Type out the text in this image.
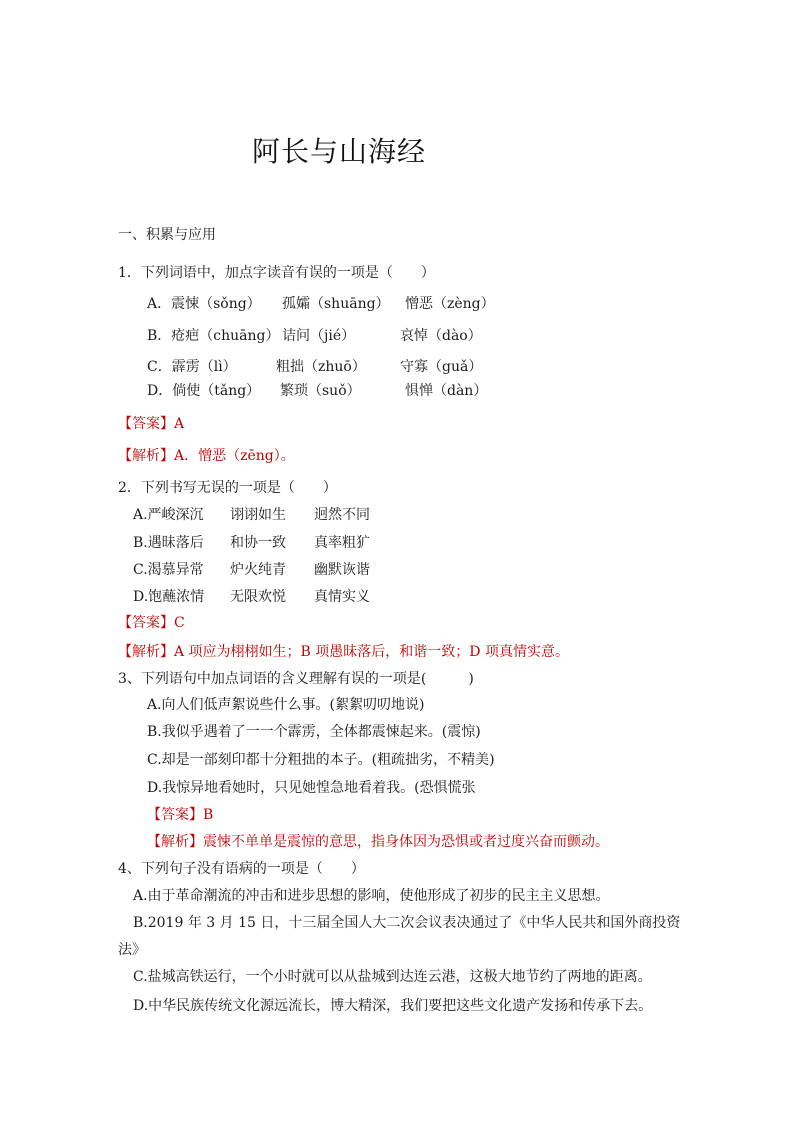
阿长与山海经
一、积累与应用
1．下列词语中，加点字读音有误的一项是（　　）
A．震悚（sǒng） 孤孀（shuāng） 憎恶（zèng）
B．疮疤（chuāng） 诘问（jié）	哀悼（dào）
C．霹雳（lì）	粗拙（zhuō） 守寡（guǎ）
D．倘使（tǎng） 繁琐（suǒ）	惧惮（dàn）
【答案】A
【解析】A．憎恶（zēng）。
2．下列书写无误的一项是（　　）
A.严峻深沉 诩诩如生 迥然不同
B.遇昧落后 和协一致 真率粗犷
C.渴慕异常 炉火纯青 幽默诙谐
D.饱蘸浓情 无限欢悦 真情实义
【答案】C
【解析】A 项应为栩栩如生；B 项愚昧落后，和谐一致；D 项真情实意。
3、下列语句中加点词语的含义理解有误的一项是(　　　)
A.向人们低声絮说些什么事。(絮絮叨叨地说)
B.我似乎遇着了一一个霹雳，全体都震悚起来。(震惊)
C.却是一部刻印都十分粗拙的本子。(粗疏拙劣，不精美)
D.我惊异地看她时，只见她惶急地看着我。(恐惧慌张
【答案】B
【解析】震悚不单单是震惊的意思，指身体因为恐惧或者过度兴奋而颤动。
4、下列句子没有语病的一项是（　　）
A.由于革命潮流的冲击和进步思想的影响，使他形成了初步的民主主义思想。
B.2019 年 3 月 15 日，十三届全国人大二次会议表决通过了《中华人民共和国外商投资
法》
C.盐城高铁运行，一个小时就可以从盐城到达连云港，这极大地节约了两地的距离。
D.中华民族传统文化源远流长，博大精深，我们要把这些文化遗产发扬和传承下去。
